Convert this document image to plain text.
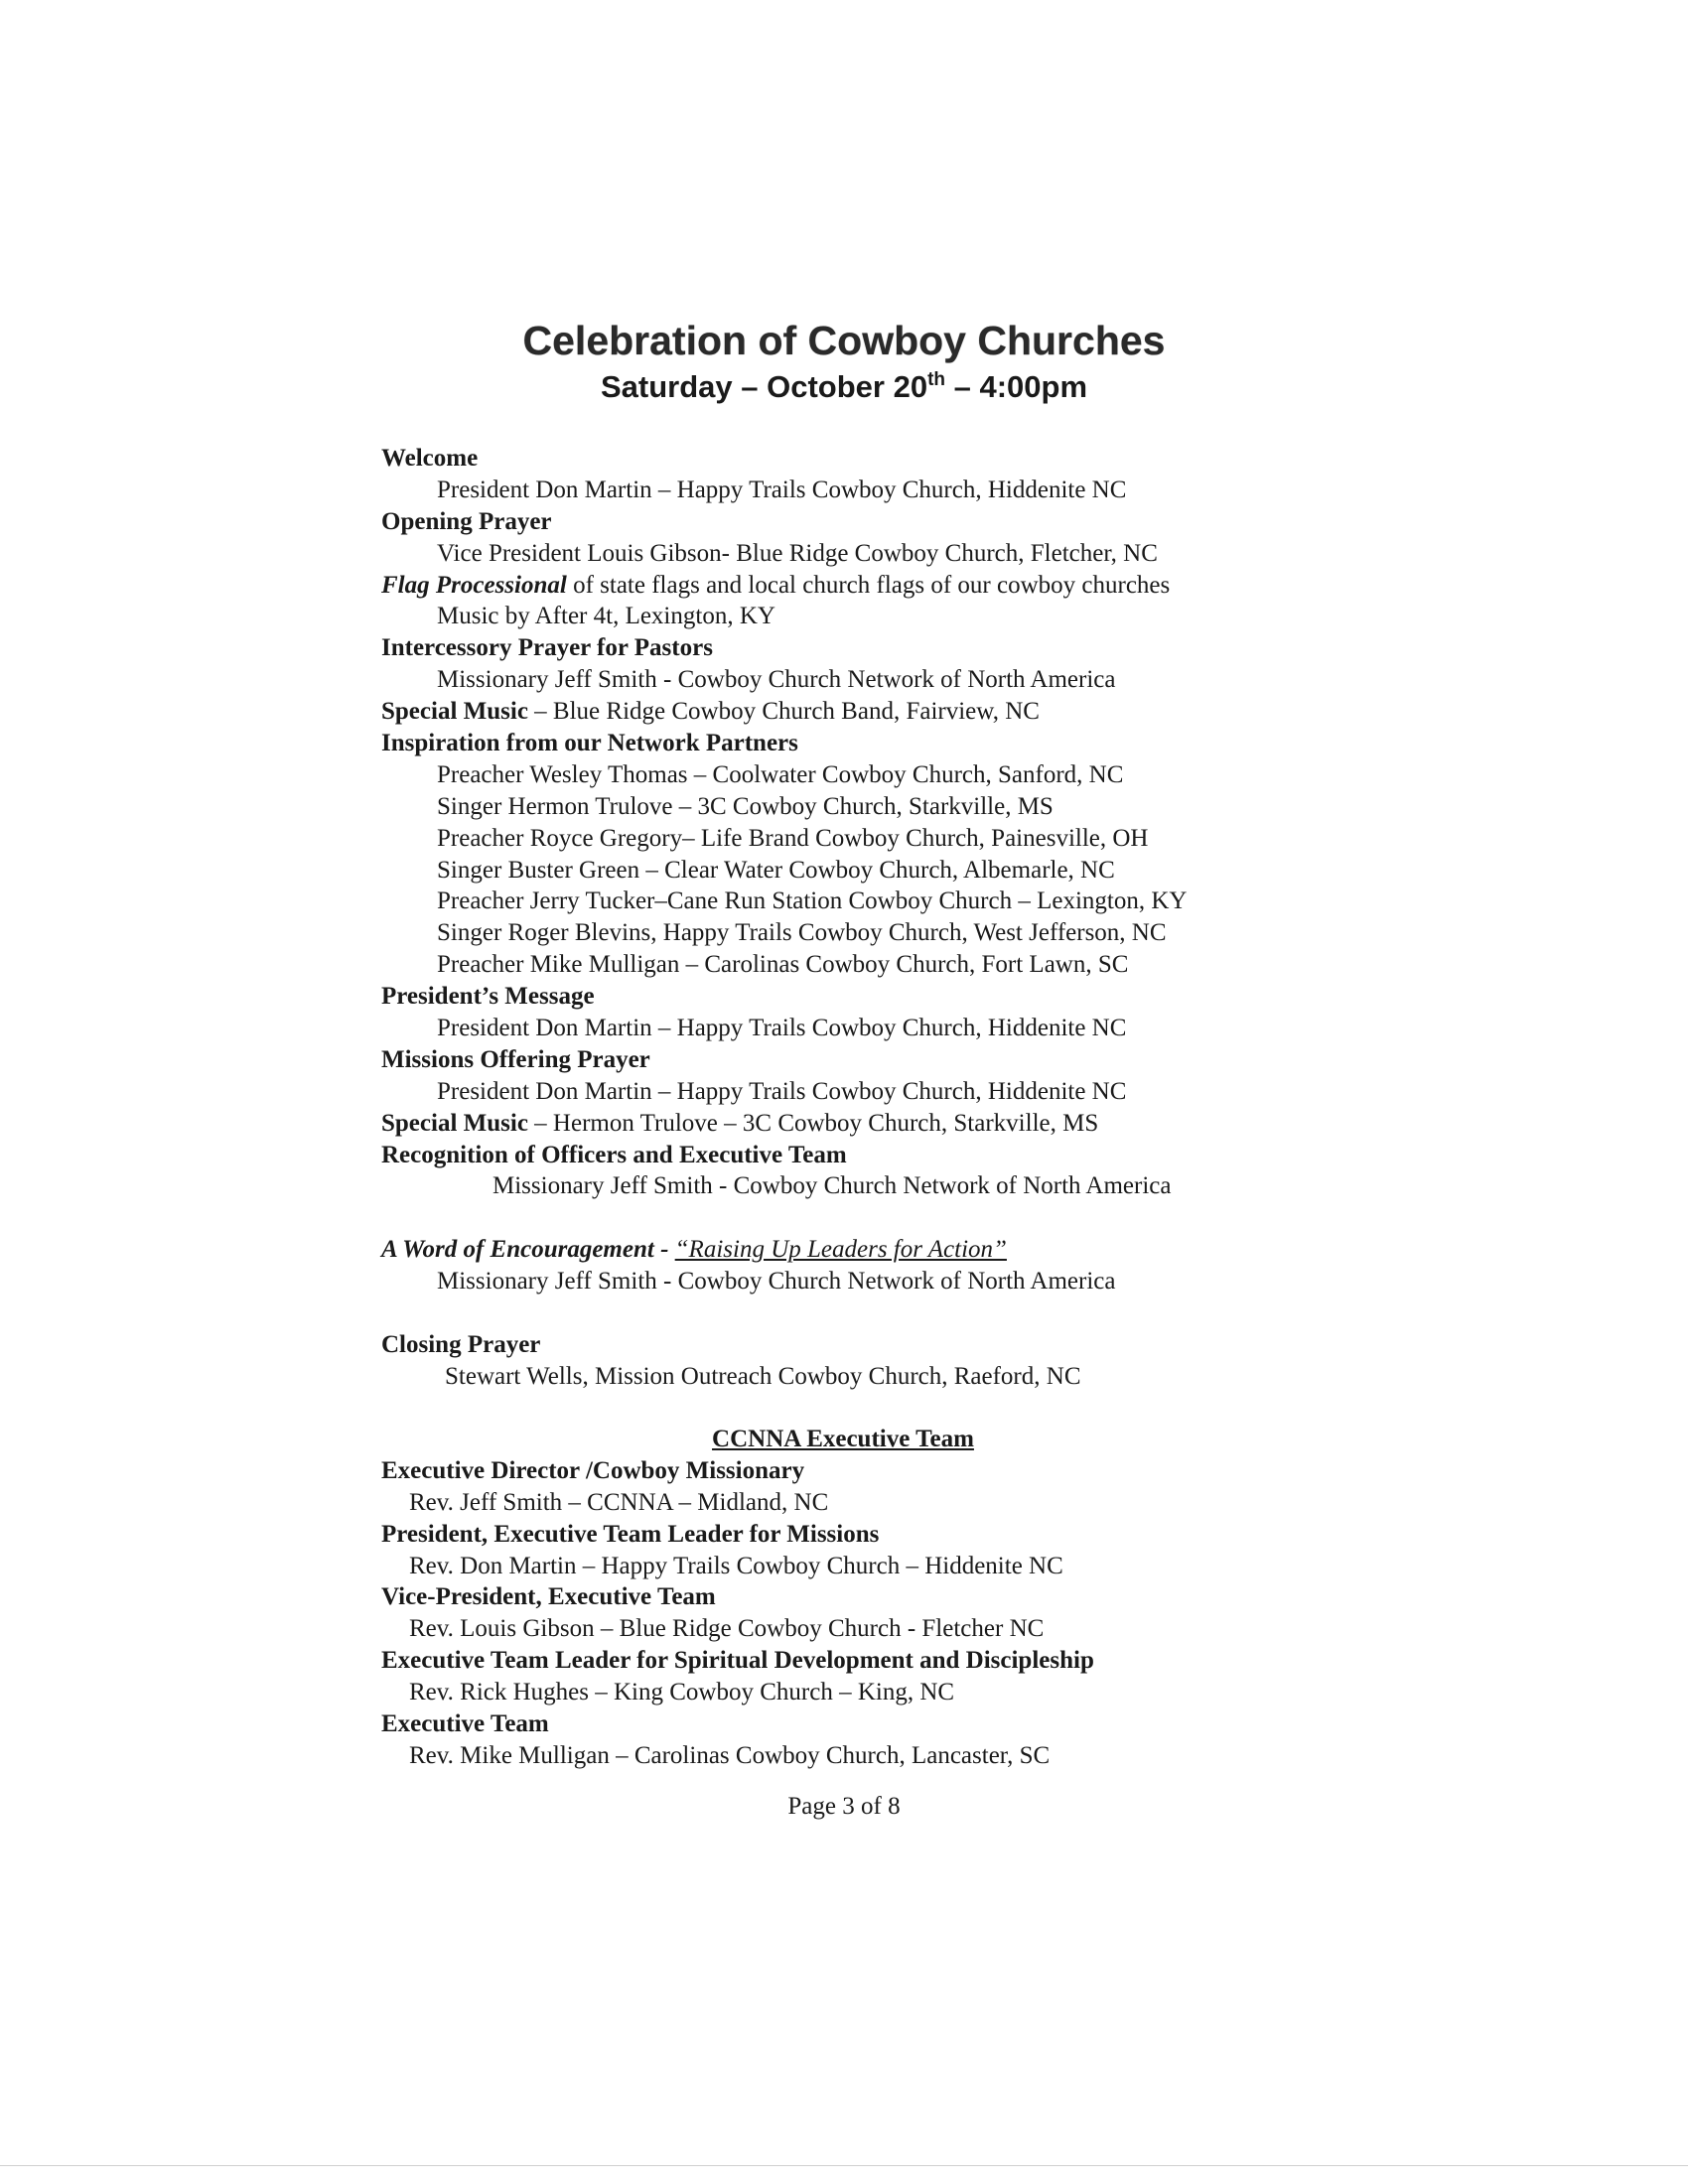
Celebration of Cowboy Churches
Saturday – October 20th – 4:00pm
Welcome
President Don Martin – Happy Trails Cowboy Church, Hiddenite NC
Opening Prayer
Vice President Louis Gibson- Blue Ridge Cowboy Church, Fletcher, NC
Flag Processional of state flags and local church flags of our cowboy churches
Music by After 4t, Lexington, KY
Intercessory Prayer for Pastors
Missionary Jeff Smith - Cowboy Church Network of North America
Special Music – Blue Ridge Cowboy Church Band, Fairview, NC
Inspiration from our Network Partners
Preacher Wesley Thomas – Coolwater Cowboy Church, Sanford, NC
Singer Hermon Trulove – 3C Cowboy Church, Starkville, MS
Preacher Royce Gregory– Life Brand Cowboy Church, Painesville, OH
Singer Buster Green – Clear Water Cowboy Church, Albemarle, NC
Preacher Jerry Tucker–Cane Run Station Cowboy Church – Lexington, KY
Singer Roger Blevins, Happy Trails Cowboy Church, West Jefferson, NC
Preacher Mike Mulligan – Carolinas Cowboy Church, Fort Lawn, SC
President’s Message
President Don Martin – Happy Trails Cowboy Church, Hiddenite NC
Missions Offering Prayer
President Don Martin – Happy Trails Cowboy Church, Hiddenite NC
Special Music – Hermon Trulove – 3C Cowboy Church, Starkville, MS
Recognition of Officers and Executive Team
Missionary Jeff Smith - Cowboy Church Network of North America
A Word of Encouragement - “Raising Up Leaders for Action”
Missionary Jeff Smith - Cowboy Church Network of North America
Closing Prayer
Stewart Wells, Mission Outreach Cowboy Church, Raeford, NC
CCNNA Executive Team
Executive Director /Cowboy Missionary
Rev. Jeff Smith – CCNNA – Midland, NC
President, Executive Team Leader for Missions
Rev. Don Martin – Happy Trails Cowboy Church – Hiddenite NC
Vice-President, Executive Team
Rev. Louis Gibson – Blue Ridge Cowboy Church - Fletcher NC
Executive Team Leader for Spiritual Development and Discipleship
Rev. Rick Hughes – King Cowboy Church – King, NC
Executive Team
Rev. Mike Mulligan – Carolinas Cowboy Church, Lancaster, SC
Page 3 of 8
